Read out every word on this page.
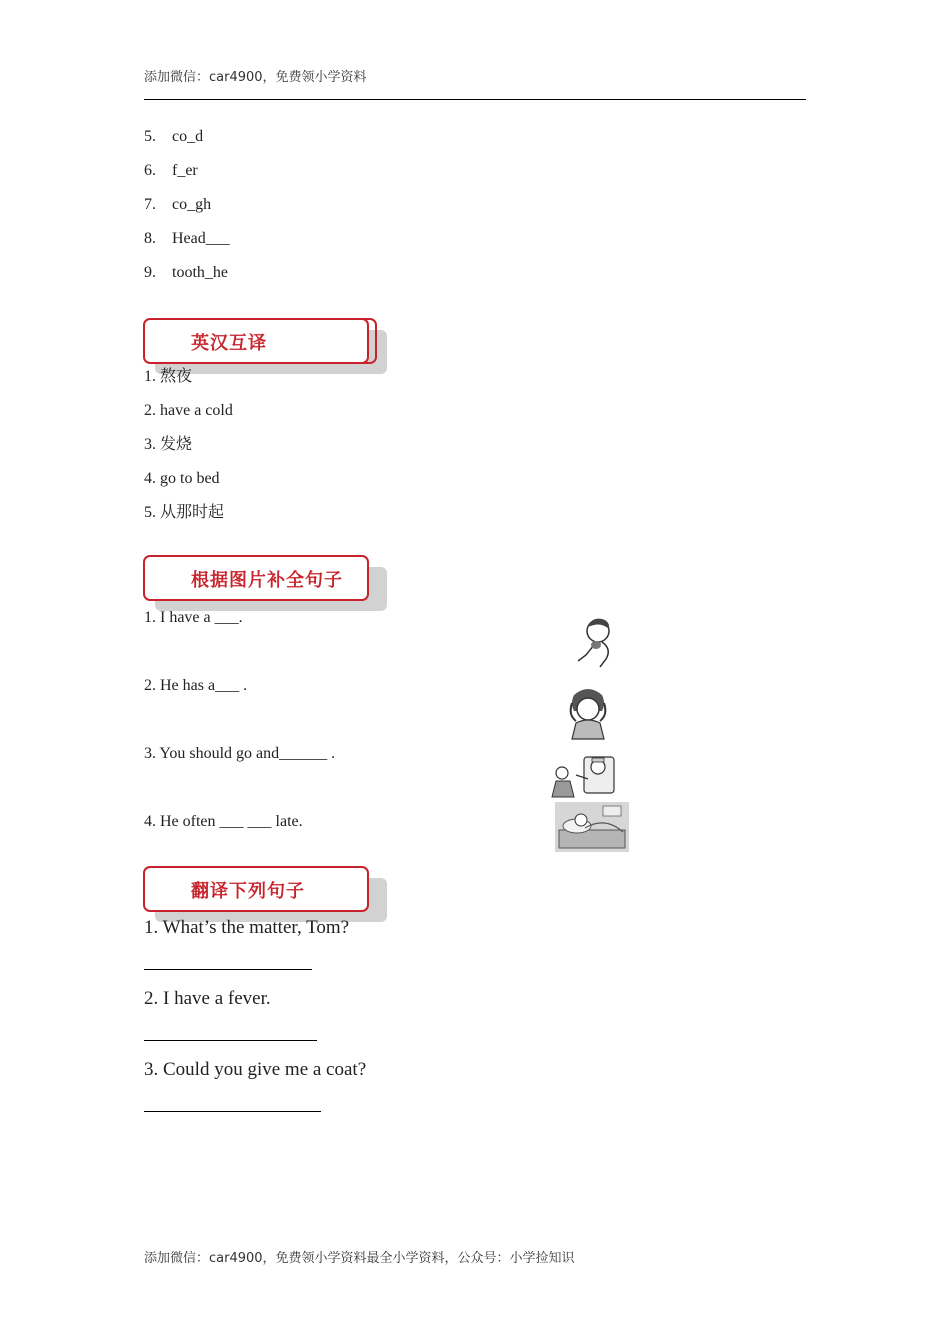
添加微信：car4900，免费领小学资料
5. co_d
6. f_er
7. co_gh
8. Head___
9. tooth_he
英汉互译
1. 熬夜
2. have a cold
3. 发烧
4. go to bed
5. 从那时起
根据图片补全句子
1. I have a ___.
2. He has a___ .
3. You should go and______ .
4. He often ___ ___ late.
翻译下列句子
1. What’s the matter, Tom?
2. I have a fever.
3. Could you give me a coat?
添加微信：car4900，免费领小学资料最全小学资料，公众号：小学捡知识
